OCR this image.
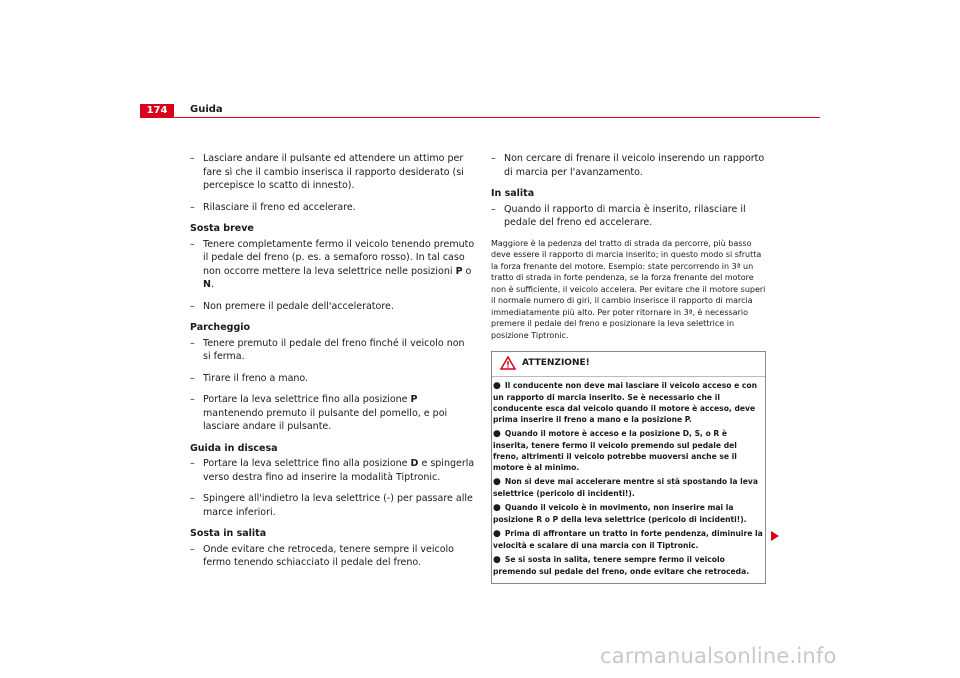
174	Guida
– Lasciare andare il pulsante ed attendere un attimo per fare sì che il cambio inserisca il rapporto desiderato (si percepisce lo scatto di innesto).
– Rilasciare il freno ed accelerare.
Sosta breve
– Tenere completamente fermo il veicolo tenendo premuto il pedale del freno (p. es. a semaforo rosso). In tal caso non occorre mettere la leva selettrice nelle posizioni P o N.
– Non premere il pedale dell'acceleratore.
Parcheggio
– Tenere premuto il pedale del freno finché il veicolo non si ferma.
– Tirare il freno a mano.
– Portare la leva selettrice fino alla posizione P mantenendo premuto il pulsante del pomello, e poi lasciare andare il pulsante.
Guida in discesa
– Portare la leva selettrice fino alla posizione D e spingerla verso destra fino ad inserire la modalità Tiptronic.
– Spingere all'indietro la leva selettrice (-) per passare alle marce inferiori.
Sosta in salita
– Onde evitare che retroceda, tenere sempre il veicolo fermo tenendo schiacciato il pedale del freno.
– Non cercare di frenare il veicolo inserendo un rapporto di marcia per l'avanzamento.
In salita
– Quando il rapporto di marcia è inserito, rilasciare il pedale del freno ed accelerare.
Maggiore è la pedenza del tratto di strada da percorre, più basso deve essere il rapporto di marcia inserito; in questo modo si sfrutta la forza frenante del motore. Esempio: state percorrendo in 3ª un tratto di strada in forte pendenza, se la forza frenante del motore non è sufficiente, il veicolo accelera. Per evitare che il motore superi il normale numero di giri, il cambio inserisce il rapporto di marcia immediatamente più alto. Per poter ritornare in 3ª, è necessario premere il pedale del freno e posizionare la leva selettrice in posizione Tiptronic.
ATTENZIONE!
● Il conducente non deve mai lasciare il veicolo acceso e con un rapporto di marcia inserito. Se è necessario che il conducente esca dal veicolo quando il motore è acceso, deve prima inserire il freno a mano e la posizione P.
● Quando il motore è acceso e la posizione D, S, o R è inserita, tenere fermo il veicolo premendo sul pedale del freno, altrimenti il veicolo potrebbe muoversi anche se il motore è al minimo.
● Non si deve mai accelerare mentre si stà spostando la leva selettrice (pericolo di incidenti!).
● Quando il veicolo è in movimento, non inserire mai la posizione R o P della leva selettrice (pericolo di incidenti!).
● Prima di affrontare un tratto in forte pendenza, diminuire la velocità e scalare di una marcia con il Tiptronic.
● Se si sosta in salita, tenere sempre fermo il veicolo premendo sul pedale del freno, onde evitare che retroceda.
carmanualsonline.info
